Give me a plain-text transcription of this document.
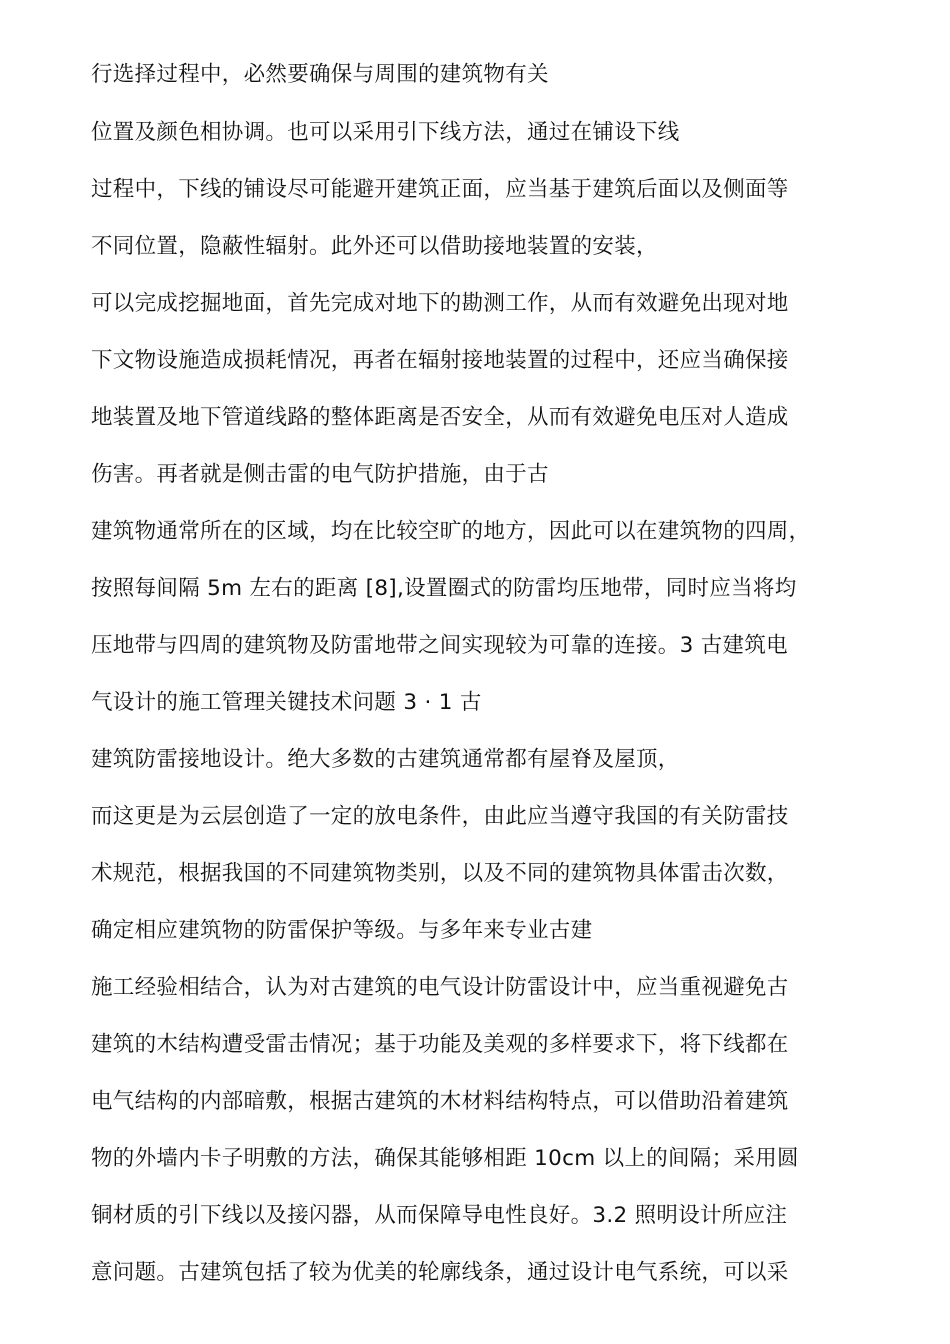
行选择过程中，必然要确保与周围的建筑物有关
位置及颜色相协调。也可以采用引下线方法，通过在铺设下线
过程中，下线的铺设尽可能避开建筑正面，应当基于建筑后面以及侧面等
不同位置，隐蔽性辐射。此外还可以借助接地装置的安装，
可以完成挖掘地面，首先完成对地下的勘测工作，从而有效避免出现对地
下文物设施造成损耗情况，再者在辐射接地装置的过程中，还应当确保接
地装置及地下管道线路的整体距离是否安全，从而有效避免电压对人造成
伤害。再者就是侧击雷的电气防护措施，由于古
建筑物通常所在的区域，均在比较空旷的地方，因此可以在建筑物的四周，
按照每间隔 5m 左右的距离 [8],设置圈式的防雷均压地带，同时应当将均
压地带与四周的建筑物及防雷地带之间实现较为可靠的连接。3 古建筑电
气设计的施工管理关键技术问题 3 · 1 古
建筑防雷接地设计。绝大多数的古建筑通常都有屋脊及屋顶，
而这更是为云层创造了一定的放电条件，由此应当遵守我国的有关防雷技
术规范，根据我国的不同建筑物类别，以及不同的建筑物具体雷击次数，
确定相应建筑物的防雷保护等级。与多年来专业古建
施工经验相结合，认为对古建筑的电气设计防雷设计中，应当重视避免古
建筑的木结构遭受雷击情况；基于功能及美观的多样要求下，将下线都在
电气结构的内部暗敷，根据古建筑的木材料结构特点，可以借助沿着建筑
物的外墙内卡子明敷的方法，确保其能够相距 10cm 以上的间隔；采用圆
铜材质的引下线以及接闪器，从而保障导电性良好。3.2 照明设计所应注
意问题。古建筑包括了较为优美的轮廓线条，通过设计电气系统，可以采
